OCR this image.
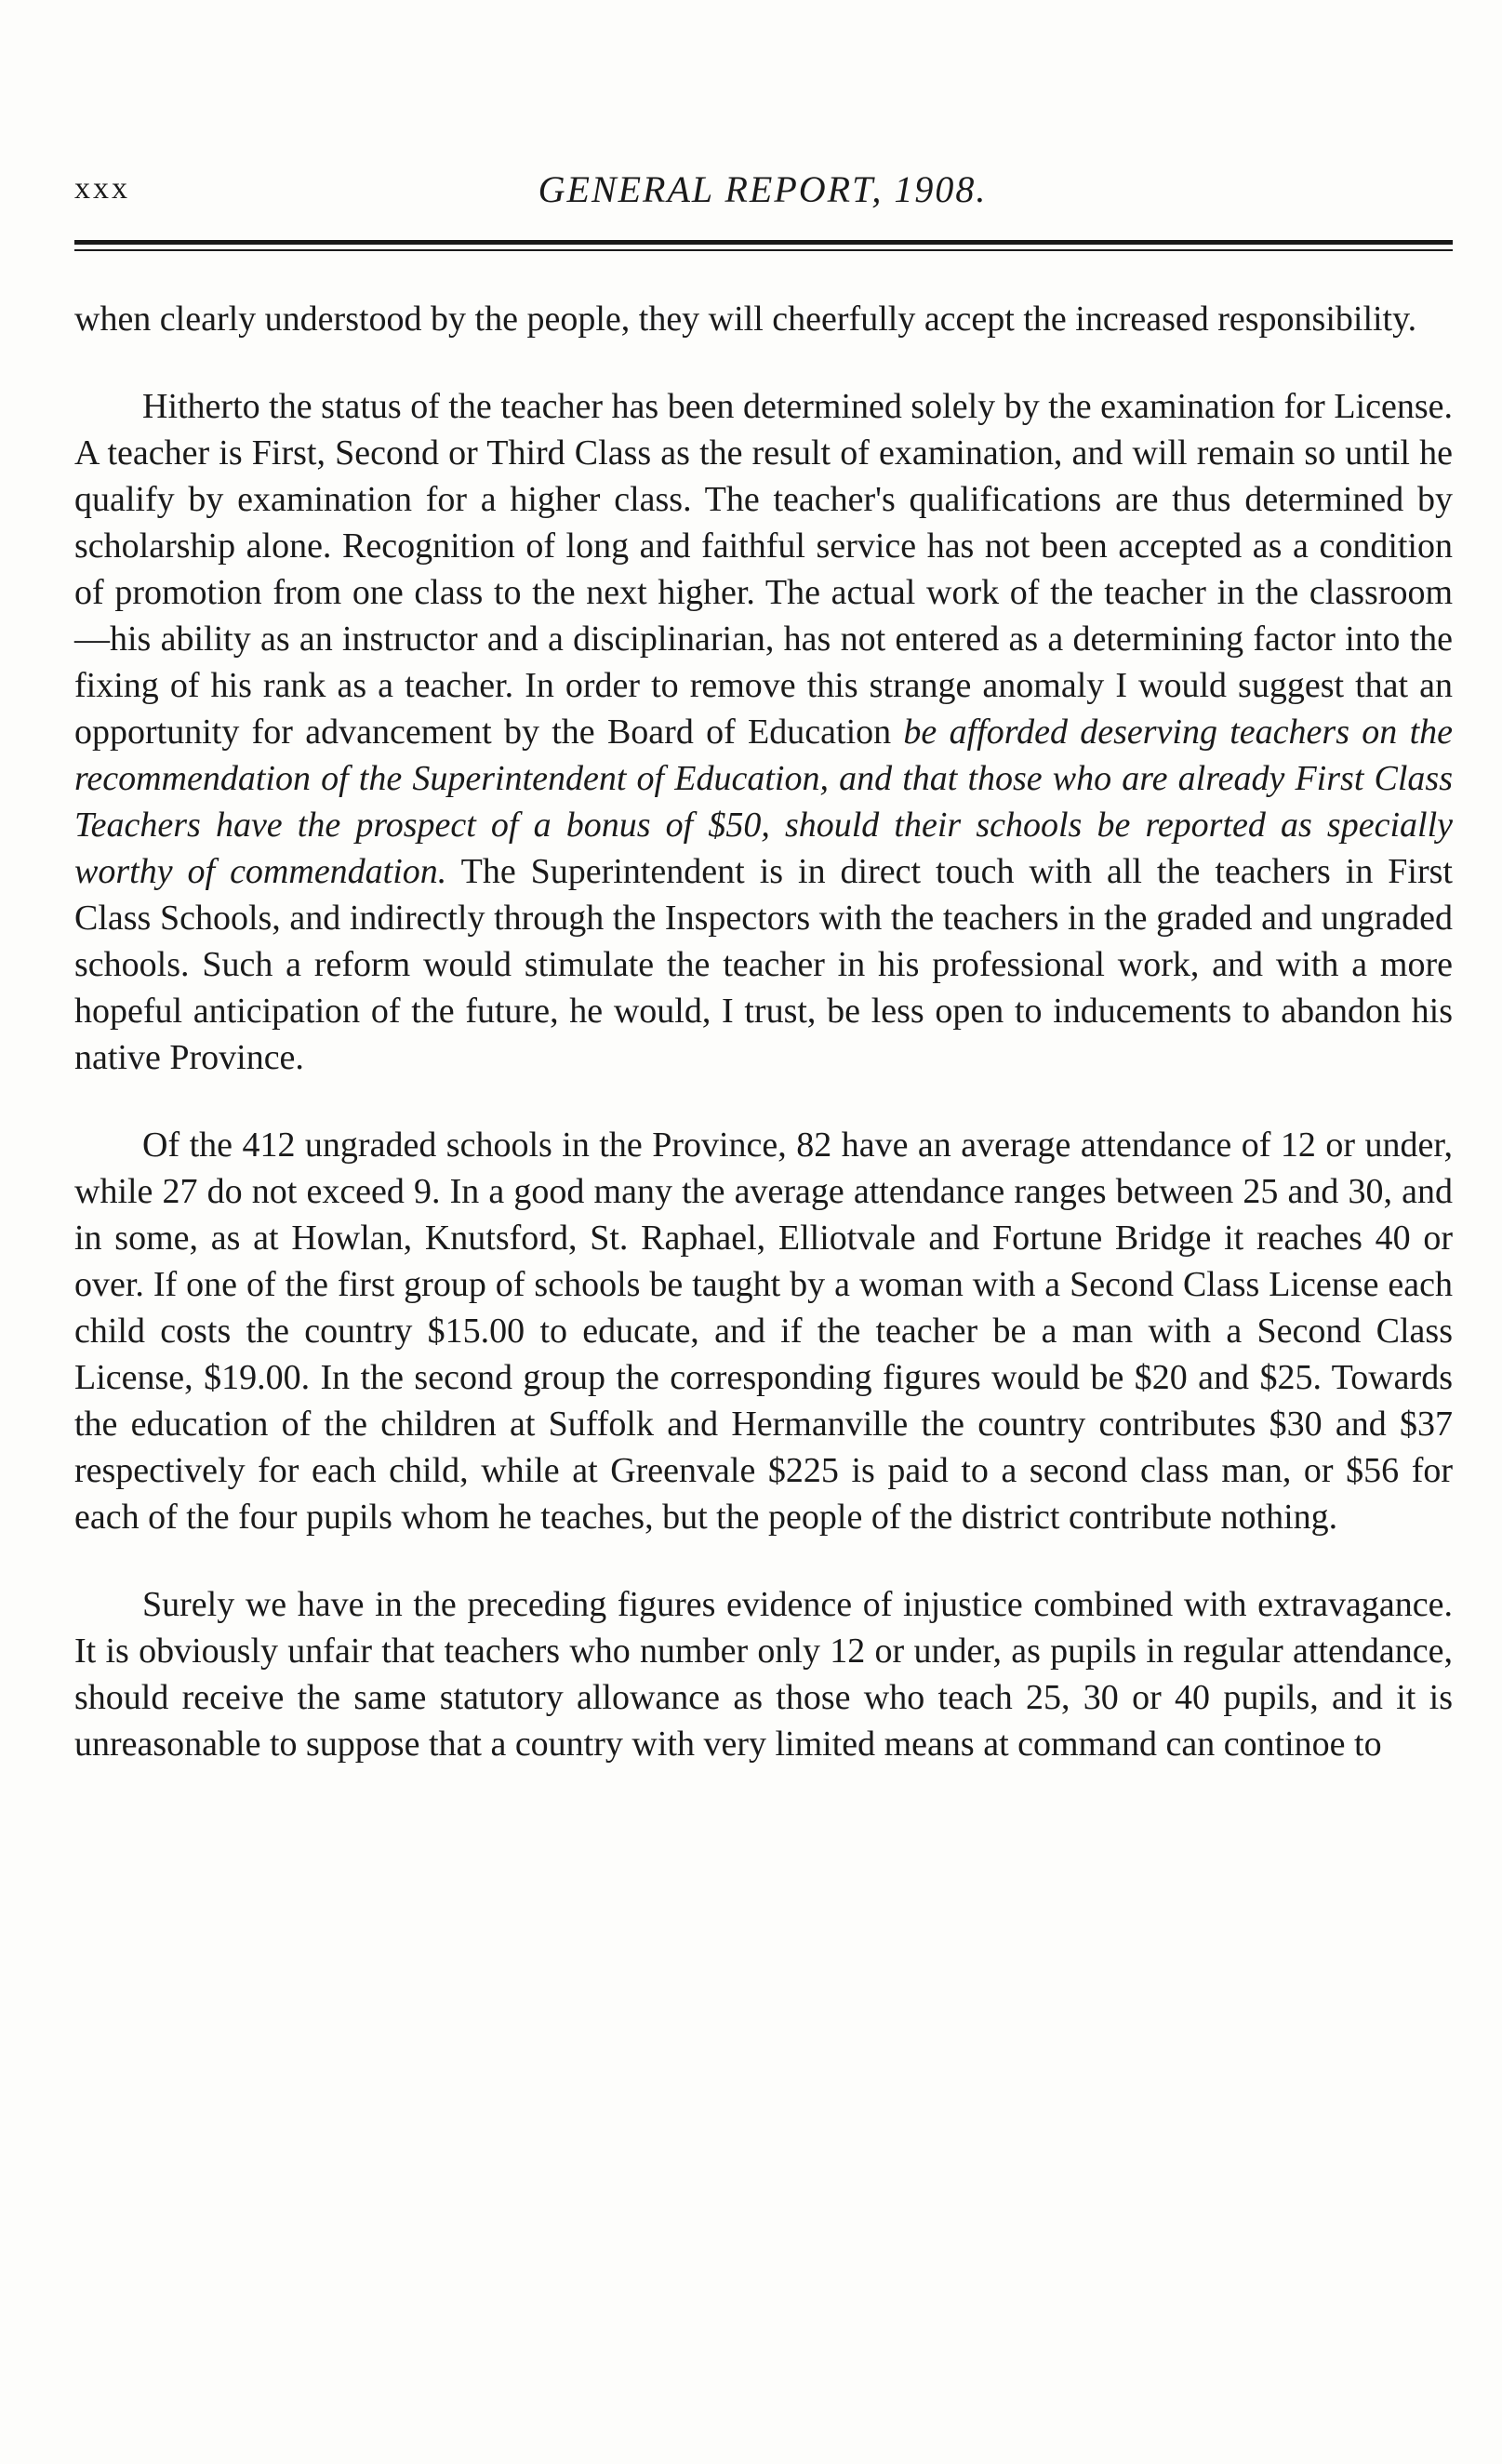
xxx	GENERAL REPORT, 1908.

when clearly understood by the people, they will cheerfully accept the increased responsibility.

Hitherto the status of the teacher has been determined solely by the examination for License. A teacher is First, Second or Third Class as the result of examination, and will remain so until he qualify by examination for a higher class. The teacher's qualifications are thus determined by scholarship alone. Recognition of long and faithful service has not been accepted as a condition of promotion from one class to the next higher. The actual work of the teacher in the classroom—his ability as an instructor and a disciplinarian, has not entered as a determining factor into the fixing of his rank as a teacher. In order to remove this strange anomaly I would suggest that an opportunity for advancement by the Board of Education be afforded deserving teachers on the recommendation of the Superintendent of Education, and that those who are already First Class Teachers have the prospect of a bonus of $50, should their schools be reported as specially worthy of commendation. The Superintendent is in direct touch with all the teachers in First Class Schools, and indirectly through the Inspectors with the teachers in the graded and ungraded schools. Such a reform would stimulate the teacher in his professional work, and with a more hopeful anticipation of the future, he would, I trust, be less open to inducements to abandon his native Province.

Of the 412 ungraded schools in the Province, 82 have an average attendance of 12 or under, while 27 do not exceed 9. In a good many the average attendance ranges between 25 and 30, and in some, as at Howlan, Knutsford, St. Raphael, Elliotvale and Fortune Bridge it reaches 40 or over. If one of the first group of schools be taught by a woman with a Second Class License each child costs the country $15.00 to educate, and if the teacher be a man with a Second Class License, $19.00. In the second group the corresponding figures would be $20 and $25. Towards the education of the children at Suffolk and Hermanville the country contributes $30 and $37 respectively for each child, while at Greenvale $225 is paid to a second class man, or $56 for each of the four pupils whom he teaches, but the people of the district contribute nothing.

Surely we have in the preceding figures evidence of injustice combined with extravagance. It is obviously unfair that teachers who number only 12 or under, as pupils in regular attendance, should receive the same statutory allowance as those who teach 25, 30 or 40 pupils, and it is unreasonable to suppose that a country with very limited means at command can continoe to
